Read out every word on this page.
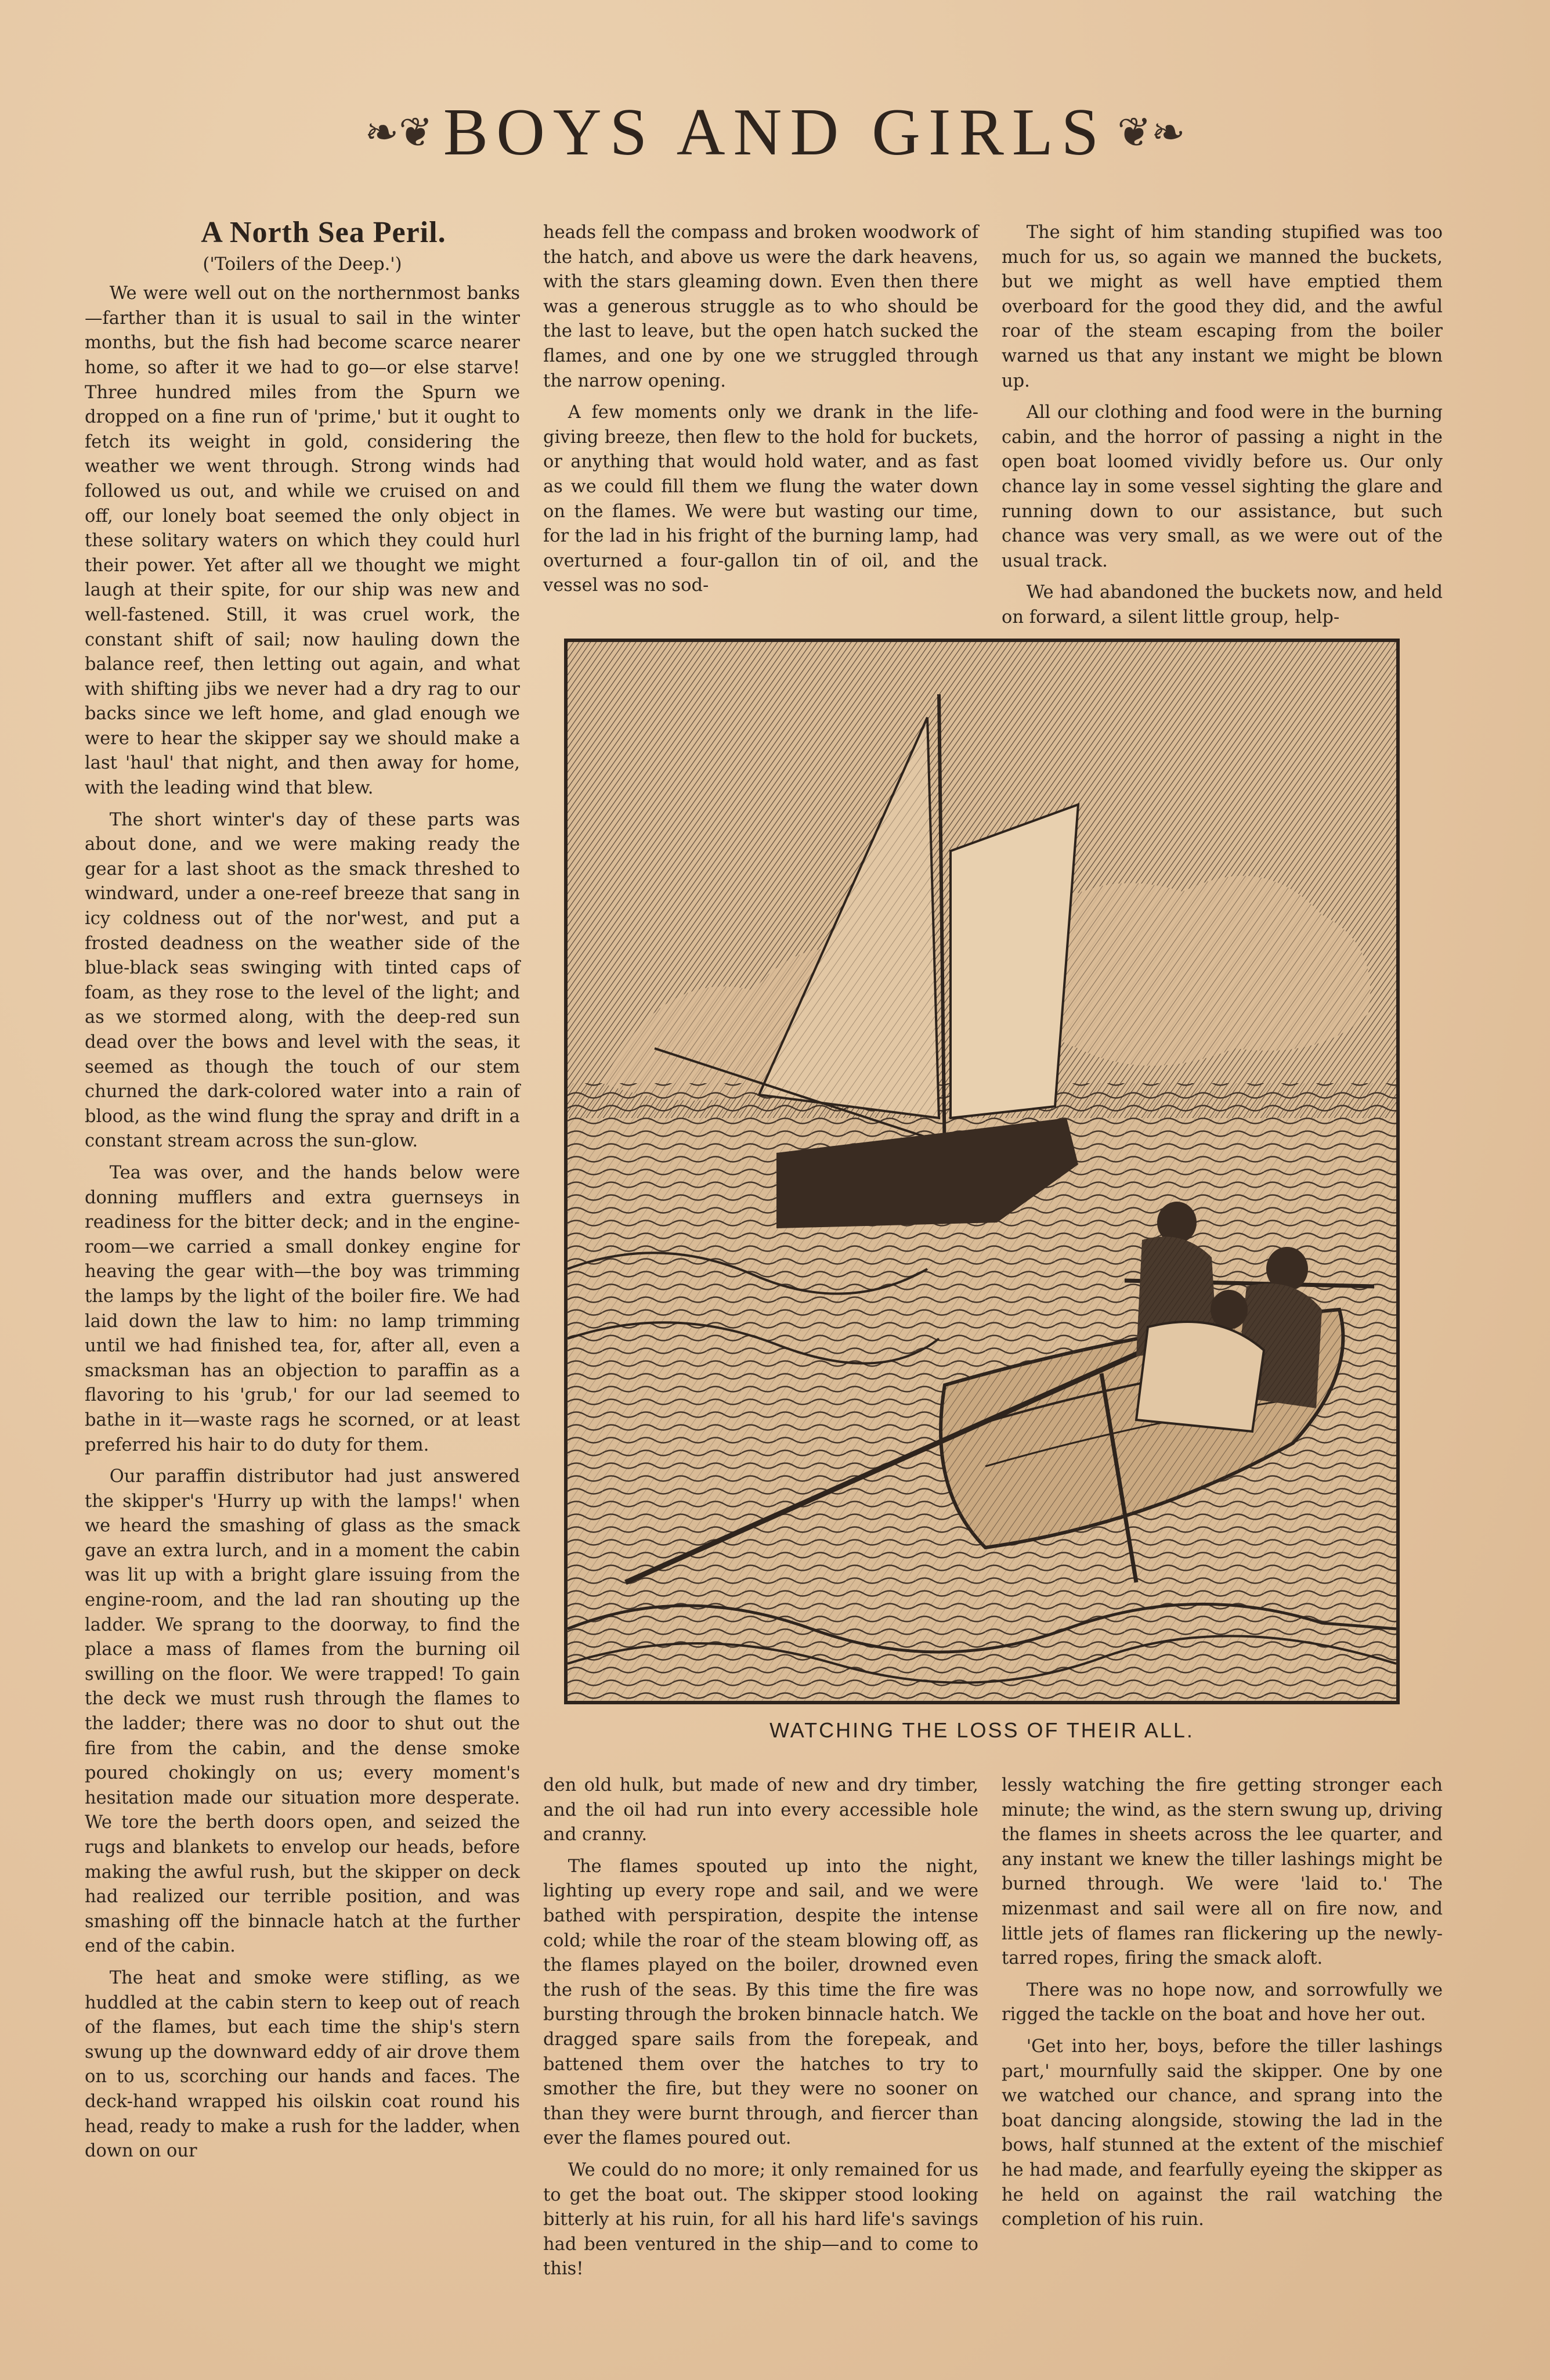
❧❦ BOYS AND GIRLS ❦❧

A North Sea Peril.

('Toilers of the Deep.')

We were well out on the northernmost banks—farther than it is usual to sail in the winter months, but the fish had become scarce nearer home, so after it we had to go—or else starve! Three hundred miles from the Spurn we dropped on a fine run of 'prime,' but it ought to fetch its weight in gold, considering the weather we went through. Strong winds had followed us out, and while we cruised on and off, our lonely boat seemed the only object in these solitary waters on which they could hurl their power. Yet after all we thought we might laugh at their spite, for our ship was new and well-fastened. Still, it was cruel work, the constant shift of sail; now hauling down the balance reef, then letting out again, and what with shifting jibs we never had a dry rag to our backs since we left home, and glad enough we were to hear the skipper say we should make a last 'haul' that night, and then away for home, with the leading wind that blew.

The short winter's day of these parts was about done, and we were making ready the gear for a last shoot as the smack threshed to windward, under a one-reef breeze that sang in icy coldness out of the nor'west, and put a frosted deadness on the weather side of the blue-black seas swinging with tinted caps of foam, as they rose to the level of the light; and as we stormed along, with the deep-red sun dead over the bows and level with the seas, it seemed as though the touch of our stem churned the dark-colored water into a rain of blood, as the wind flung the spray and drift in a constant stream across the sun-glow.

Tea was over, and the hands below were donning mufflers and extra guernseys in readiness for the bitter deck; and in the engine-room—we carried a small donkey engine for heaving the gear with—the boy was trimming the lamps by the light of the boiler fire. We had laid down the law to him: no lamp trimming until we had finished tea, for, after all, even a smacksman has an objection to paraffin as a flavoring to his 'grub,' for our lad seemed to bathe in it—waste rags he scorned, or at least preferred his hair to do duty for them.

Our paraffin distributor had just answered the skipper's 'Hurry up with the lamps!' when we heard the smashing of glass as the smack gave an extra lurch, and in a moment the cabin was lit up with a bright glare issuing from the engine-room, and the lad ran shouting up the ladder. We sprang to the doorway, to find the place a mass of flames from the burning oil swilling on the floor. We were trapped! To gain the deck we must rush through the flames to the ladder; there was no door to shut out the fire from the cabin, and the dense smoke poured chokingly on us; every moment's hesitation made our situation more desperate. We tore the berth doors open, and seized the rugs and blankets to envelop our heads, before making the awful rush, but the skipper on deck had realized our terrible position, and was smashing off the binnacle hatch at the further end of the cabin.

The heat and smoke were stifling, as we huddled at the cabin stern to keep out of reach of the flames, but each time the ship's stern swung up the downward eddy of air drove them on to us, scorching our hands and faces. The deck-hand wrapped his oilskin coat round his head, ready to make a rush for the ladder, when down on our

heads fell the compass and broken woodwork of the hatch, and above us were the dark heavens, with the stars gleaming down. Even then there was a generous struggle as to who should be the last to leave, but the open hatch sucked the flames, and one by one we struggled through the narrow opening.

A few moments only we drank in the life-giving breeze, then flew to the hold for buckets, or anything that would hold water, and as fast as we could fill them we flung the water down on the flames. We were but wasting our time, for the lad in his fright of the burning lamp, had overturned a four-gallon tin of oil, and the vessel was no sod-

The sight of him standing stupified was too much for us, so again we manned the buckets, but we might as well have emptied them overboard for the good they did, and the awful roar of the steam escaping from the boiler warned us that any instant we might be blown up.

All our clothing and food were in the burning cabin, and the horror of passing a night in the open boat loomed vividly before us. Our only chance lay in some vessel sighting the glare and running down to our assistance, but such chance was very small, as we were out of the usual track.

We had abandoned the buckets now, and held on forward, a silent little group, help-

WATCHING THE LOSS OF THEIR ALL.

den old hulk, but made of new and dry timber, and the oil had run into every accessible hole and cranny.

The flames spouted up into the night, lighting up every rope and sail, and we were bathed with perspiration, despite the intense cold; while the roar of the steam blowing off, as the flames played on the boiler, drowned even the rush of the seas. By this time the fire was bursting through the broken binnacle hatch. We dragged spare sails from the forepeak, and battened them over the hatches to try to smother the fire, but they were no sooner on than they were burnt through, and fiercer than ever the flames poured out.

We could do no more; it only remained for us to get the boat out. The skipper stood looking bitterly at his ruin, for all his hard life's savings had been ventured in the ship—and to come to this!

lessly watching the fire getting stronger each minute; the wind, as the stern swung up, driving the flames in sheets across the lee quarter, and any instant we knew the tiller lashings might be burned through. We were 'laid to.' The mizenmast and sail were all on fire now, and little jets of flames ran flickering up the newly-tarred ropes, firing the smack aloft.

There was no hope now, and sorrowfully we rigged the tackle on the boat and hove her out.

'Get into her, boys, before the tiller lashings part,' mournfully said the skipper. One by one we watched our chance, and sprang into the boat dancing alongside, stowing the lad in the bows, half stunned at the extent of the mischief he had made, and fearfully eyeing the skipper as he held on against the rail watching the completion of his ruin.
